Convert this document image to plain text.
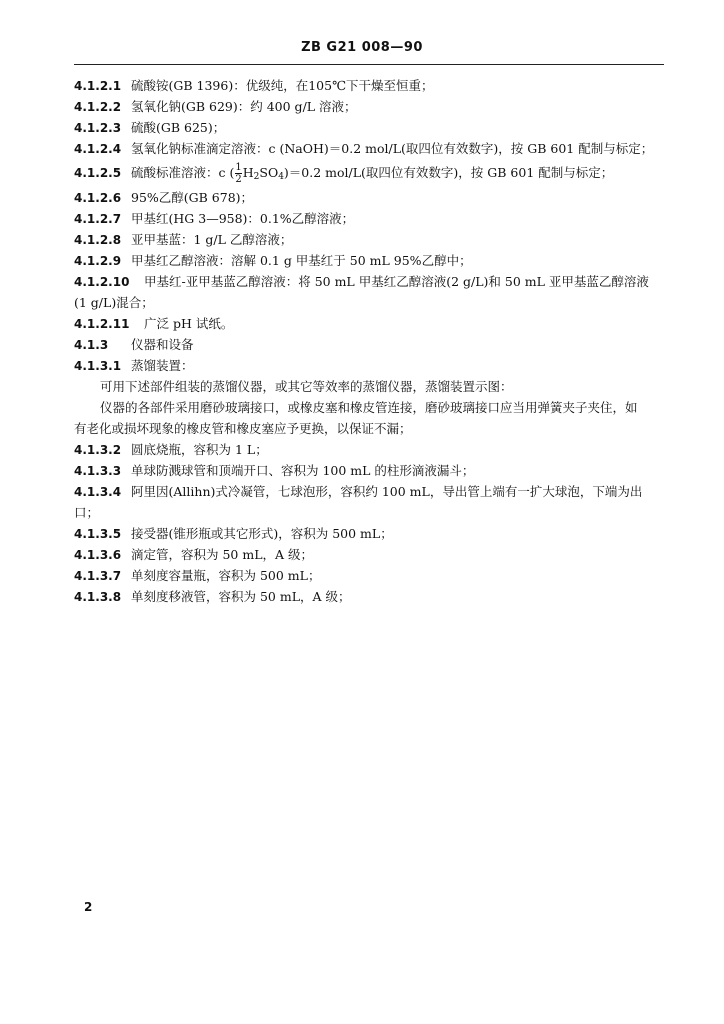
ZB G21 008—90
4.1.2.1 硫酸铵(GB 1396)：优级纯，在105℃下干燥至恒重；
4.1.2.2 氢氧化钠(GB 629)：约 400 g/L 溶液；
4.1.2.3 硫酸(GB 625)；
4.1.2.4 氢氧化钠标准滴定溶液：c (NaOH)＝0.2 mol/L(取四位有效数字)，按 GB 601 配制与标定；
4.1.2.5 硫酸标准溶液：c ( $\frac{1}{2} H_2SO_4)=0.2$ mol/L(取四位有效数字)，按 GB 601 配制与标定；
4.1.2.6 95%乙醇(GB 678)；
4.1.2.7 甲基红(HG 3—958)：0.1%乙醇溶液；
4.1.2.8 亚甲基蓝：1 g/L 乙醇溶液；
4.1.2.9 甲基红乙醇溶液：溶解 0.1 g 甲基红于 50 mL 95%乙醇中；
4.1.2.10 甲基红-亚甲基蓝乙醇溶液：将 50 mL 甲基红乙醇溶液(2 g/L)和 50 mL 亚甲基蓝乙醇溶液
(1 g/L)混合；
4.1.2.11 广泛 pH 试纸。
4.1.3 仪器和设备
4.1.3.1 蒸馏装置：
可用下述部件组装的蒸馏仪器，或其它等效率的蒸馏仪器，蒸馏装置示图：
仪器的各部件采用磨砂玻璃接口，或橡皮塞和橡皮管连接，磨砂玻璃接口应当用弹簧夹子夹住，如
有老化或损坏现象的橡皮管和橡皮塞应予更换，以保证不漏；
4.1.3.2 圆底烧瓶，容积为 1 L；
4.1.3.3 单球防溅球管和顶端开口、容积为 100 mL 的柱形滴液漏斗；
4.1.3.4 阿里因(Allihn)式冷凝管，七球泡形，容积约 100 mL，导出管上端有一扩大球泡，下端为出
口；
4.1.3.5 接受器(锥形瓶或其它形式)，容积为 500 mL；
4.1.3.6 滴定管，容积为 50 mL，A 级；
4.1.3.7 单刻度容量瓶，容积为 500 mL；
4.1.3.8 单刻度移液管，容积为 50 mL，A 级；
2
